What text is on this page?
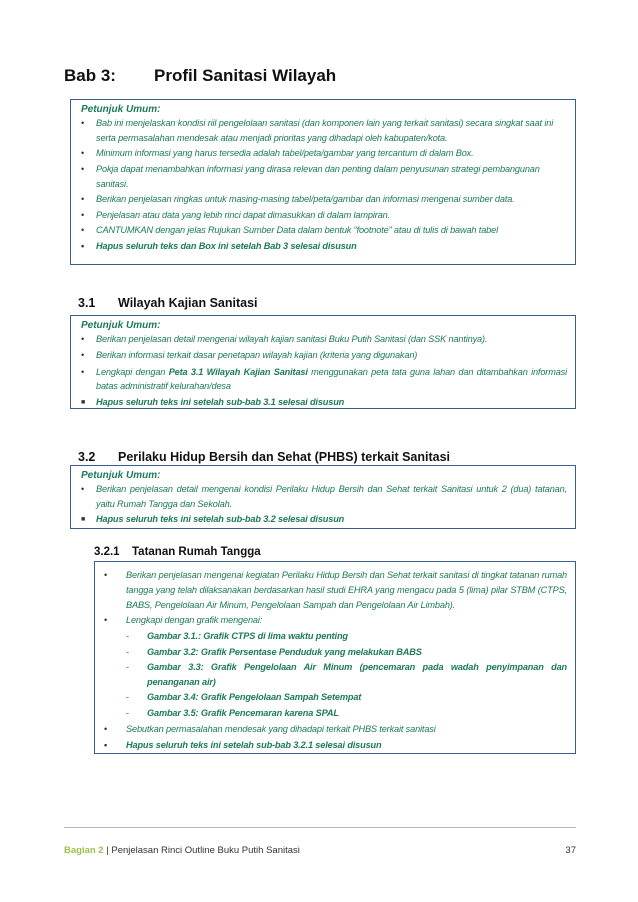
Bab 3: Profil Sanitasi Wilayah
Petunjuk Umum:
•	Bab ini menjelaskan kondisi riil pengelolaan sanitasi (dan komponen lain yang terkait sanitasi) secara singkat saat ini serta permasalahan mendesak atau menjadi prioritas yang dihadapi oleh kabupaten/kota.
•	Minimum informasi yang harus tersedia adalah tabel/peta/gambar yang tercantum di dalam Box.
•	Pokja dapat menambahkan informasi yang dirasa relevan dan penting dalam penyusunan strategi pembangunan sanitasi.
•	Berikan penjelasan ringkas untuk masing-masing tabel/peta/gambar dan informasi mengenai sumber data.
•	Penjelasan atau data yang lebih rinci dapat dimasukkan di dalam lampiran.
•	CANTUMKAN dengan jelas Rujukan Sumber Data dalam bentuk “footnote” atau di tulis di bawah tabel
•	Hapus seluruh teks dan Box ini setelah Bab 3 selesai disusun
3.1 Wilayah Kajian Sanitasi
Petunjuk Umum:
•	Berikan penjelasan detail mengenai wilayah kajian sanitasi Buku Putih Sanitasi (dan SSK nantinya).
•	Berikan informasi terkait dasar penetapan wilayah kajian (kriteria yang digunakan)
•	Lengkapi dengan Peta 3.1 Wilayah Kajian Sanitasi menggunakan peta tata guna lahan dan ditambahkan informasi batas administratif kelurahan/desa
■	Hapus seluruh teks ini setelah sub-bab 3.1 selesai disusun
3.2 Perilaku Hidup Bersih dan Sehat (PHBS) terkait Sanitasi
Petunjuk Umum:
•	Berikan penjelasan detail mengenai kondisi Perilaku Hidup Bersih dan Sehat terkait Sanitasi untuk 2 (dua) tatanan, yaitu Rumah Tangga dan Sekolah.
■	Hapus seluruh teks ini setelah sub-bab 3.2 selesai disusun
3.2.1 Tatanan Rumah Tangga
•	Berikan penjelasan mengenai kegiatan Perilaku Hidup Bersih dan Sehat terkait sanitasi di tingkat tatanan rumah tangga yang telah dilaksanakan berdasarkan hasil studi EHRA yang mengacu pada 5 (lima) pilar STBM (CTPS, BABS, Pengelolaan Air Minum, Pengelolaan Sampah dan Pengelolaan Air Limbah).
•	Lengkapi dengan grafik mengenai:
-	Gambar 3.1.: Grafik CTPS di lima waktu penting
-	Gambar 3.2: Grafik Persentase Penduduk yang melakukan BABS
-	Gambar 3.3: Grafik Pengelolaan Air Minum (pencemaran pada wadah penyimpanan dan penanganan air)
-	Gambar 3.4: Grafik Pengelolaan Sampah Setempat
-	Gambar 3.5: Grafik Pencemaran karena SPAL
•	Sebutkan permasalahan mendesak yang dihadapi terkait PHBS terkait sanitasi
•	Hapus seluruh teks ini setelah sub-bab 3.2.1 selesai disusun
Bagian 2 | Penjelasan Rinci Outline Buku Putih Sanitasi	37
